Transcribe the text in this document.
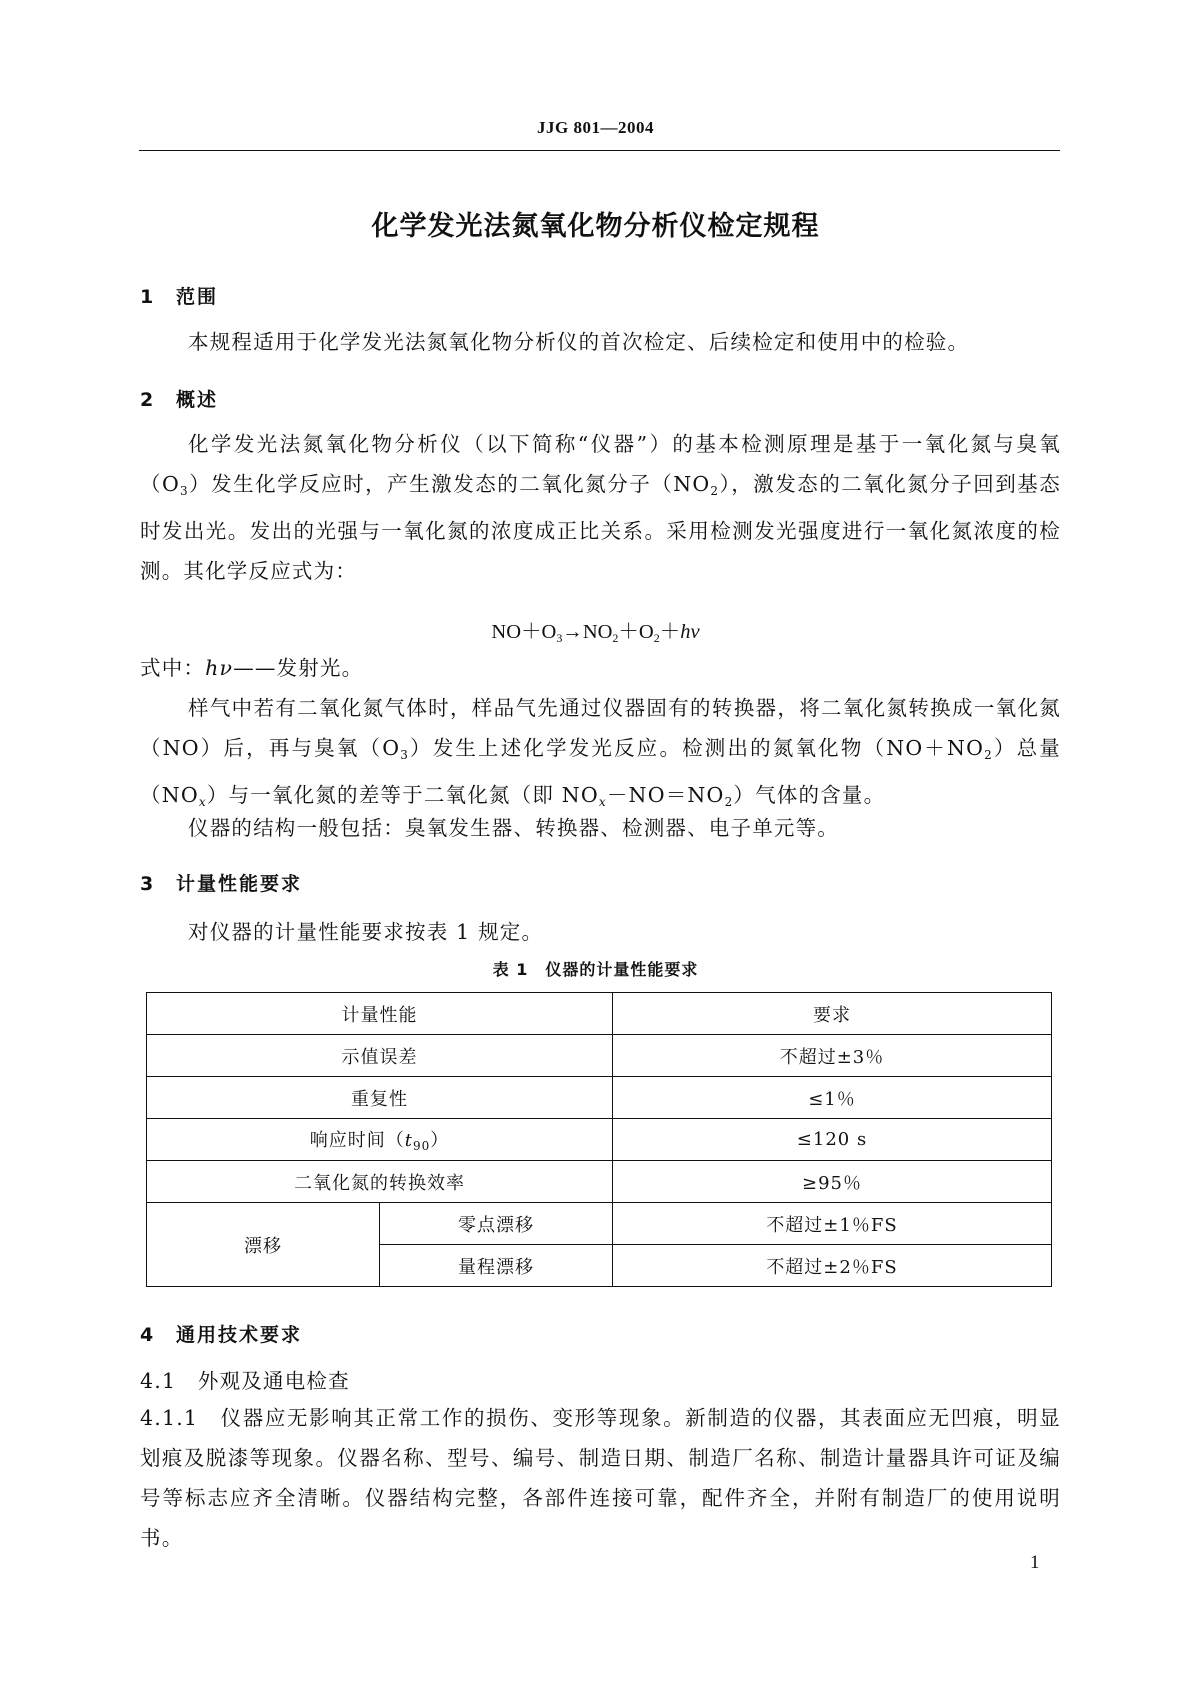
JJG 801—2004
化学发光法氮氧化物分析仪检定规程
1 范围
本规程适用于化学发光法氮氧化物分析仪的首次检定、后续检定和使用中的检验。
2 概述
化学发光法氮氧化物分析仪（以下简称“仪器”）的基本检测原理是基于一氧化氮与臭氧$(O_3)$发生化学反应时，产生激发态的二氧化氮分子$(NO_2)$，激发态的二氧化氮分子回到基态时发出光。发出的光强与一氧化氮的浓度成正比关系。采用检测发光强度进行一氧化氮浓度的检测。其化学反应式为：
$NO+O_3\to NO_2+O_2+h\nu$
式中：hν——发射光。
样气中若有二氧化氮气体时，样品气先通过仪器固有的转换器，将二氧化氮转换成一氧化氮（NO）后，再与臭氧$(O_3)$发生上述化学发光反应。检测出的氮氧化物$(NO+NO_2)$总量$(NO_x)$与一氧化氮的差等于二氧化氮（即 $NO_x-NO=NO_2$）气体的含量。
仪器的结构一般包括：臭氧发生器、转换器、检测器、电子单元等。
3 计量性能要求
对仪器的计量性能要求按表 1 规定。
表 1　仪器的计量性能要求
计量性能		要求
示值误差		不超过±3％
重复性		≤1％
响应时间$(t_{90})$		≤120 s
二氧化氮的转换效率		≥95％
漂移	零点漂移	不超过±1％FS
	量程漂移	不超过±2％FS
4 通用技术要求
4.1　外观及通电检查
4.1.1 仪器应无影响其正常工作的损伤、变形等现象。新制造的仪器，其表面应无凹痕，明显划痕及脱漆等现象。仪器名称、型号、编号、制造日期、制造厂名称、制造计量器具许可证及编号等标志应齐全清晰。仪器结构完整，各部件连接可靠，配件齐全，并附有制造厂的使用说明书。
1
